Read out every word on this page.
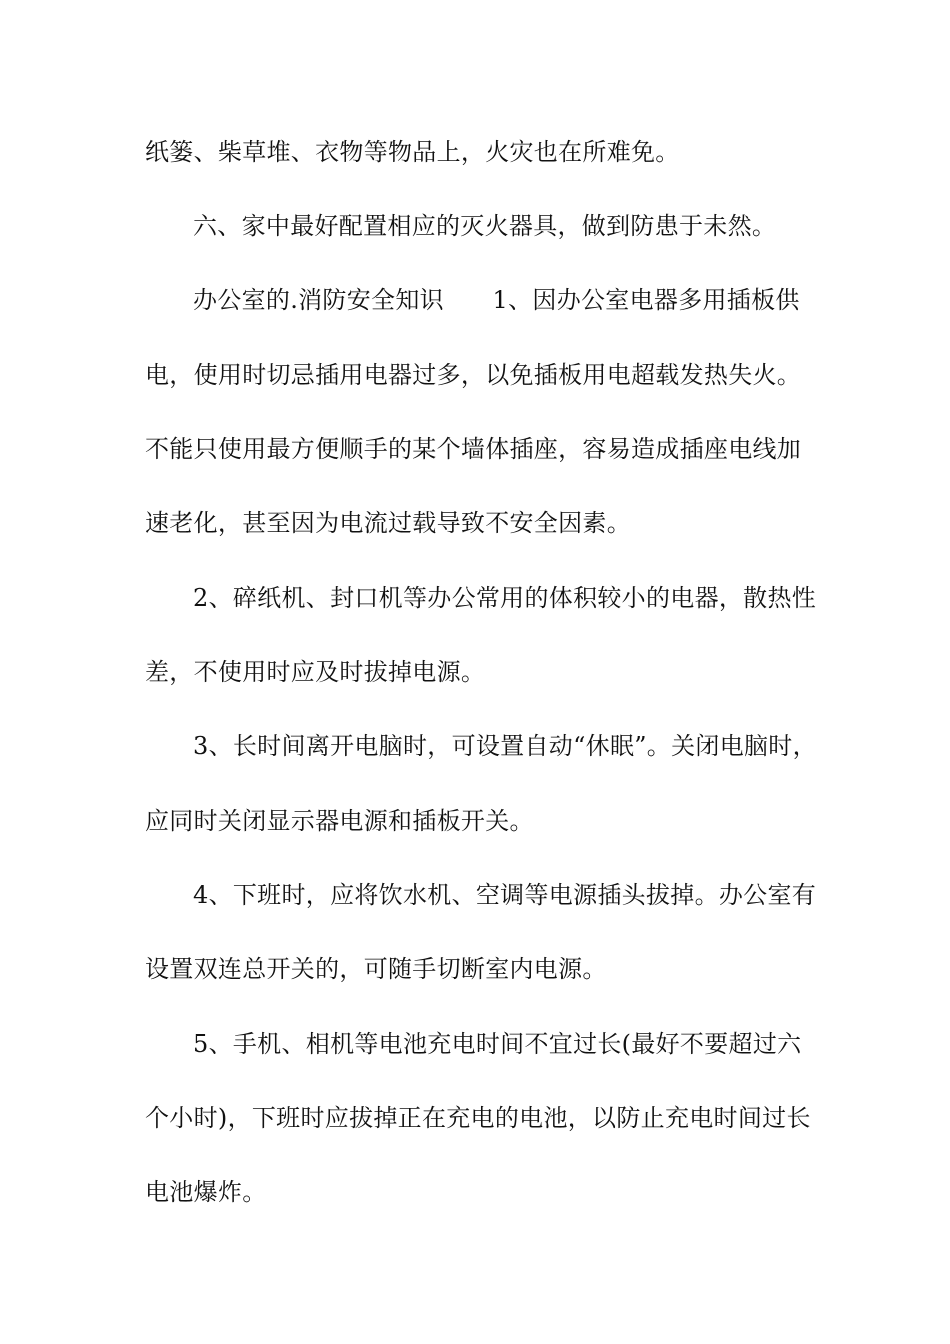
纸篓、柴草堆、衣物等物品上，火灾也在所难免。
六、家中最好配置相应的灭火器具，做到防患于未然。
办公室的.消防安全知识　　1、因办公室电器多用插板供
电，使用时切忌插用电器过多，以免插板用电超载发热失火。
不能只使用最方便顺手的某个墙体插座，容易造成插座电线加
速老化，甚至因为电流过载导致不安全因素。
2、碎纸机、封口机等办公常用的体积较小的电器，散热性
差，不使用时应及时拔掉电源。
3、长时间离开电脑时，可设置自动“休眠”。关闭电脑时，
应同时关闭显示器电源和插板开关。
4、下班时，应将饮水机、空调等电源插头拔掉。办公室有
设置双连总开关的，可随手切断室内电源。
5、手机、相机等电池充电时间不宜过长(最好不要超过六
个小时)，下班时应拔掉正在充电的电池，以防止充电时间过长
电池爆炸。
